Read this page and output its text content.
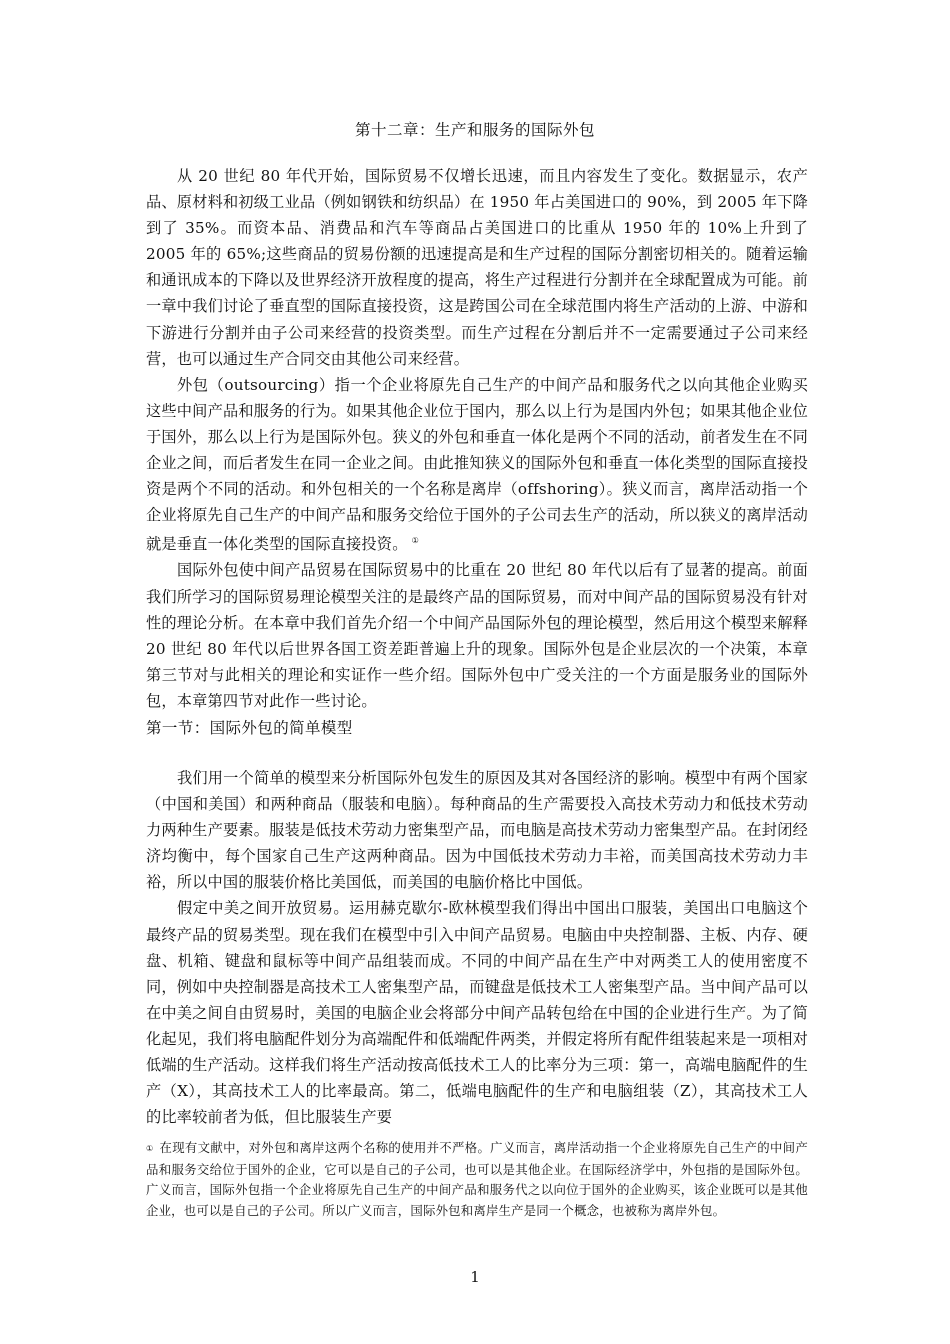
第十二章：生产和服务的国际外包

从 20 世纪 80 年代开始，国际贸易不仅增长迅速，而且内容发生了变化。数据显示，农产品、原材料和初级工业品（例如钢铁和纺织品）在 1950 年占美国进口的 90%，到 2005 年下降到了 35%。而资本品、消费品和汽车等商品占美国进口的比重从 1950 年的 10%上升到了 2005 年的 65%;这些商品的贸易份额的迅速提高是和生产过程的国际分割密切相关的。随着运输和通讯成本的下降以及世界经济开放程度的提高，将生产过程进行分割并在全球配置成为可能。前一章中我们讨论了垂直型的国际直接投资，这是跨国公司在全球范围内将生产活动的上游、中游和下游进行分割并由子公司来经营的投资类型。而生产过程在分割后并不一定需要通过子公司来经营，也可以通过生产合同交由其他公司来经营。

外包（outsourcing）指一个企业将原先自己生产的中间产品和服务代之以向其他企业购买这些中间产品和服务的行为。如果其他企业位于国内，那么以上行为是国内外包；如果其他企业位于国外，那么以上行为是国际外包。狭义的外包和垂直一体化是两个不同的活动，前者发生在不同企业之间，而后者发生在同一企业之间。由此推知狭义的国际外包和垂直一体化类型的国际直接投资是两个不同的活动。和外包相关的一个名称是离岸（offshoring）。狭义而言，离岸活动指一个企业将原先自己生产的中间产品和服务交给位于国外的子公司去生产的活动，所以狭义的离岸活动就是垂直一体化类型的国际直接投资。 ①

国际外包使中间产品贸易在国际贸易中的比重在 20 世纪 80 年代以后有了显著的提高。前面我们所学习的国际贸易理论模型关注的是最终产品的国际贸易，而对中间产品的国际贸易没有针对性的理论分析。在本章中我们首先介绍一个中间产品国际外包的理论模型，然后用这个模型来解释 20 世纪 80 年代以后世界各国工资差距普遍上升的现象。国际外包是企业层次的一个决策，本章第三节对与此相关的理论和实证作一些介绍。国际外包中广受关注的一个方面是服务业的国际外包，本章第四节对此作一些讨论。

第一节：国际外包的简单模型

我们用一个简单的模型来分析国际外包发生的原因及其对各国经济的影响。模型中有两个国家（中国和美国）和两种商品（服装和电脑）。每种商品的生产需要投入高技术劳动力和低技术劳动力两种生产要素。服装是低技术劳动力密集型产品，而电脑是高技术劳动力密集型产品。在封闭经济均衡中，每个国家自己生产这两种商品。因为中国低技术劳动力丰裕，而美国高技术劳动力丰裕，所以中国的服装价格比美国低，而美国的电脑价格比中国低。

假定中美之间开放贸易。运用赫克歇尔-欧林模型我们得出中国出口服装，美国出口电脑这个最终产品的贸易类型。现在我们在模型中引入中间产品贸易。电脑由中央控制器、主板、内存、硬盘、机箱、键盘和鼠标等中间产品组装而成。不同的中间产品在生产中对两类工人的使用密度不同，例如中央控制器是高技术工人密集型产品，而键盘是低技术工人密集型产品。当中间产品可以在中美之间自由贸易时，美国的电脑企业会将部分中间产品转包给在中国的企业进行生产。为了简化起见，我们将电脑配件划分为高端配件和低端配件两类，并假定将所有配件组装起来是一项相对低端的生产活动。这样我们将生产活动按高低技术工人的比率分为三项：第一，高端电脑配件的生产（X），其高技术工人的比率最高。第二，低端电脑配件的生产和电脑组装（Z），其高技术工人的比率较前者为低，但比服装生产要

① 在现有文献中，对外包和离岸这两个名称的使用并不严格。广义而言，离岸活动指一个企业将原先自己生产的中间产品和服务交给位于国外的企业，它可以是自己的子公司，也可以是其他企业。在国际经济学中，外包指的是国际外包。广义而言，国际外包指一个企业将原先自己生产的中间产品和服务代之以向位于国外的企业购买，该企业既可以是其他企业，也可以是自己的子公司。所以广义而言，国际外包和离岸生产是同一个概念，也被称为离岸外包。

1
